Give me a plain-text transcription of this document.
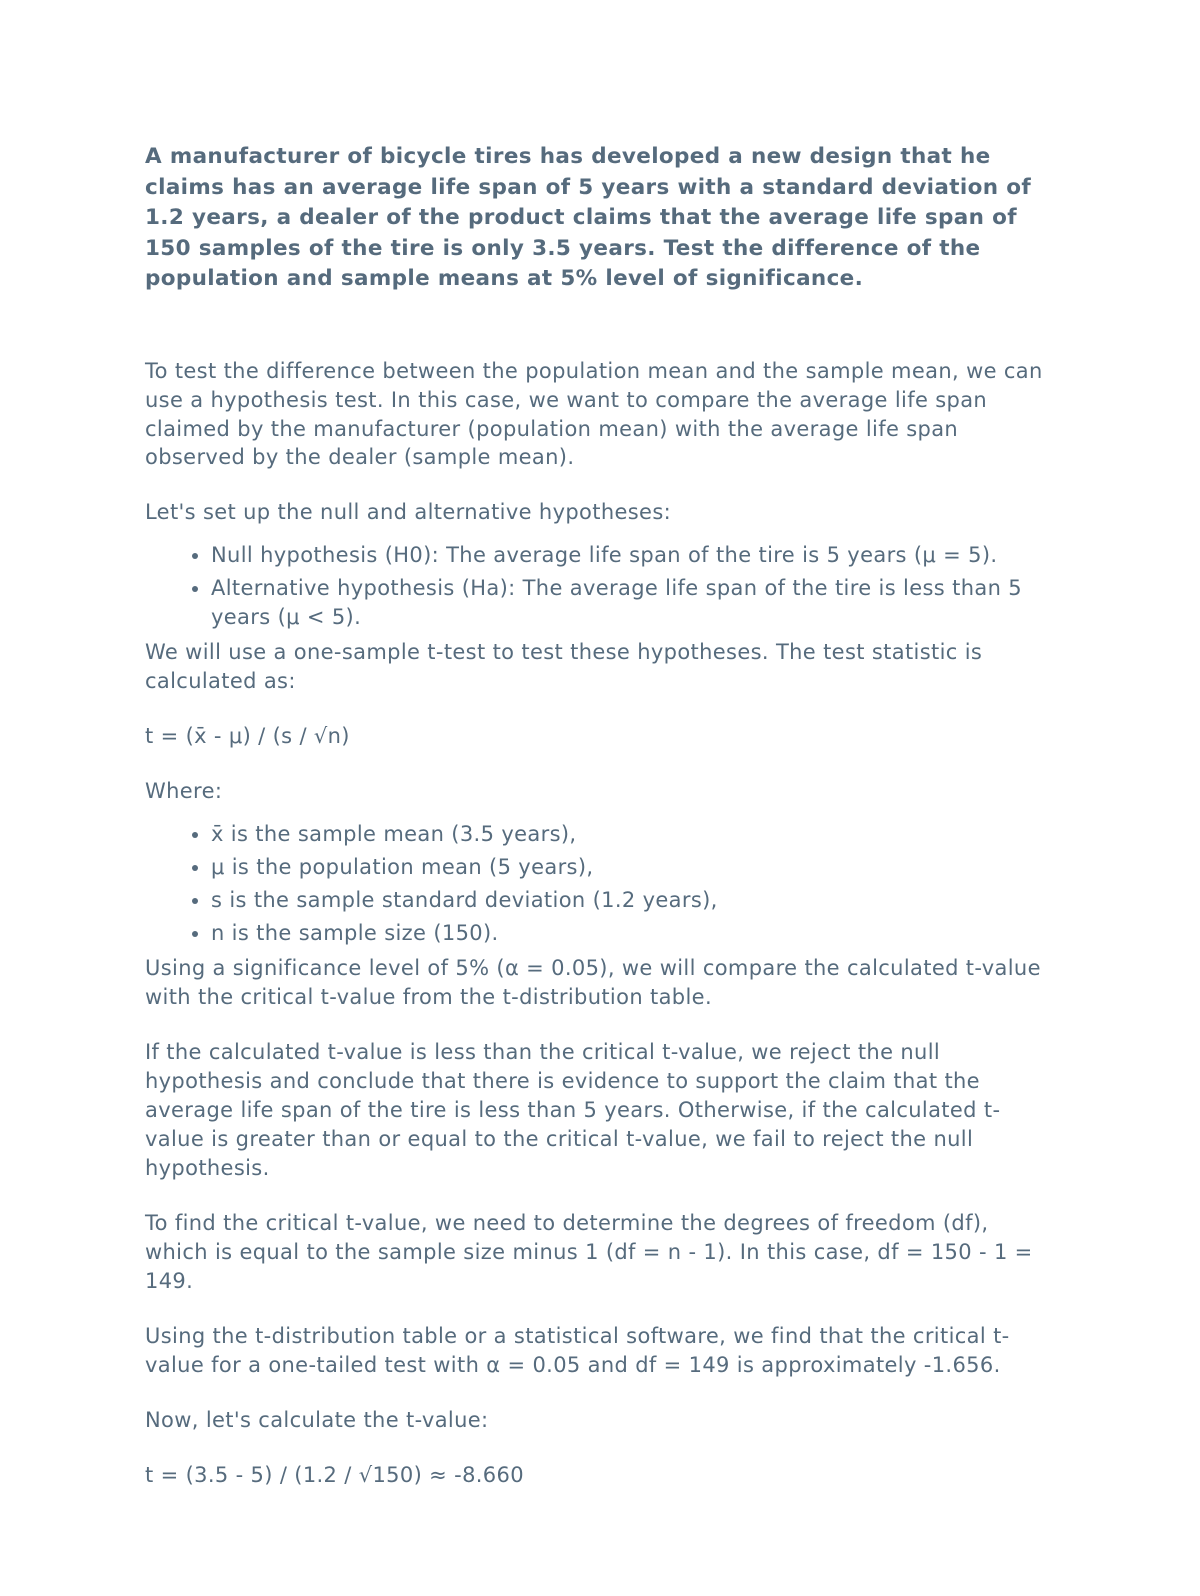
A manufacturer of bicycle tires has developed a new design that he claims has an average life span of 5 years with a standard deviation of 1.2 years, a dealer of the product claims that the average life span of 150 samples of the tire is only 3.5 years. Test the difference of the population and sample means at 5% level of significance.

To test the difference between the population mean and the sample mean, we can use a hypothesis test. In this case, we want to compare the average life span claimed by the manufacturer (population mean) with the average life span observed by the dealer (sample mean).

Let's set up the null and alternative hypotheses:

• Null hypothesis (H0): The average life span of the tire is 5 years (μ = 5).
• Alternative hypothesis (Ha): The average life span of the tire is less than 5 years (μ < 5).

We will use a one-sample t-test to test these hypotheses. The test statistic is calculated as:

t = (x̄ - μ) / (s / √n)

Where:

• x̄ is the sample mean (3.5 years),
• μ is the population mean (5 years),
• s is the sample standard deviation (1.2 years),
• n is the sample size (150).

Using a significance level of 5% (α = 0.05), we will compare the calculated t-value with the critical t-value from the t-distribution table.

If the calculated t-value is less than the critical t-value, we reject the null hypothesis and conclude that there is evidence to support the claim that the average life span of the tire is less than 5 years. Otherwise, if the calculated t-value is greater than or equal to the critical t-value, we fail to reject the null hypothesis.

To find the critical t-value, we need to determine the degrees of freedom (df), which is equal to the sample size minus 1 (df = n - 1). In this case, df = 150 - 1 = 149.

Using the t-distribution table or a statistical software, we find that the critical t-value for a one-tailed test with α = 0.05 and df = 149 is approximately -1.656.

Now, let's calculate the t-value:

t = (3.5 - 5) / (1.2 / √150) ≈ -8.660
